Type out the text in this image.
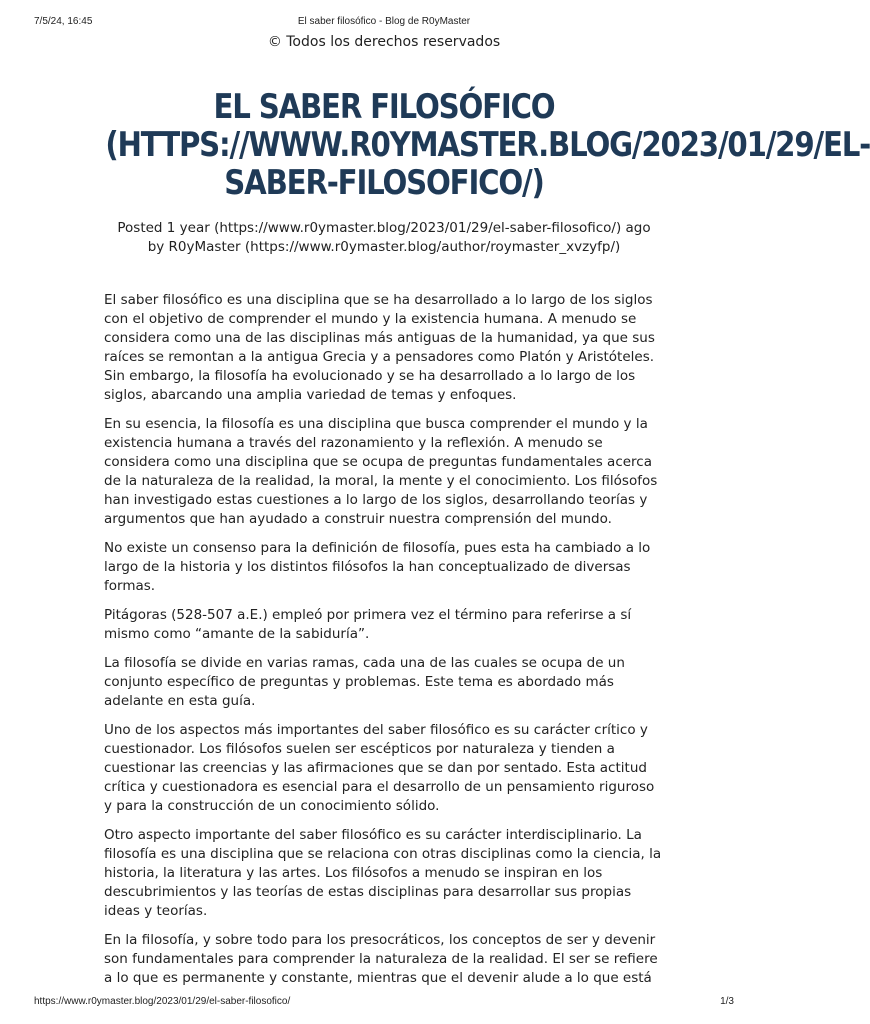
7/5/24, 16:45	El saber filosófico - Blog de R0yMaster
© Todos los derechos reservados
EL SABER FILOSÓFICO (HTTPS://WWW.R0YMASTER.BLOG/2023/01/29/EL-SABER-FILOSOFICO/)
Posted 1 year (https://www.r0ymaster.blog/2023/01/29/el-saber-filosofico/) ago
by R0yMaster (https://www.r0ymaster.blog/author/roymaster_xvzyfp/)

El saber filosófico es una disciplina que se ha desarrollado a lo largo de los siglos con el objetivo de comprender el mundo y la existencia humana. A menudo se considera como una de las disciplinas más antiguas de la humanidad, ya que sus raíces se remontan a la antigua Grecia y a pensadores como Platón y Aristóteles. Sin embargo, la filosofía ha evolucionado y se ha desarrollado a lo largo de los siglos, abarcando una amplia variedad de temas y enfoques.

En su esencia, la filosofía es una disciplina que busca comprender el mundo y la existencia humana a través del razonamiento y la reflexión. A menudo se considera como una disciplina que se ocupa de preguntas fundamentales acerca de la naturaleza de la realidad, la moral, la mente y el conocimiento. Los filósofos han investigado estas cuestiones a lo largo de los siglos, desarrollando teorías y argumentos que han ayudado a construir nuestra comprensión del mundo.

No existe un consenso para la definición de filosofía, pues esta ha cambiado a lo largo de la historia y los distintos filósofos la han conceptualizado de diversas formas.

Pitágoras (528-507 a.E.) empleó por primera vez el término para referirse a sí mismo como “amante de la sabiduría”.

La filosofía se divide en varias ramas, cada una de las cuales se ocupa de un conjunto específico de preguntas y problemas. Este tema es abordado más adelante en esta guía.

Uno de los aspectos más importantes del saber filosófico es su carácter crítico y cuestionador. Los filósofos suelen ser escépticos por naturaleza y tienden a cuestionar las creencias y las afirmaciones que se dan por sentado. Esta actitud crítica y cuestionadora es esencial para el desarrollo de un pensamiento riguroso y para la construcción de un conocimiento sólido.

Otro aspecto importante del saber filosófico es su carácter interdisciplinario. La filosofía es una disciplina que se relaciona con otras disciplinas como la ciencia, la historia, la literatura y las artes. Los filósofos a menudo se inspiran en los descubrimientos y las teorías de estas disciplinas para desarrollar sus propias ideas y teorías.

En la filosofía, y sobre todo para los presocráticos, los conceptos de ser y devenir son fundamentales para comprender la naturaleza de la realidad. El ser se refiere a lo que es permanente y constante, mientras que el devenir alude a lo que está

https://www.r0ymaster.blog/2023/01/29/el-saber-filosofico/	1/3
